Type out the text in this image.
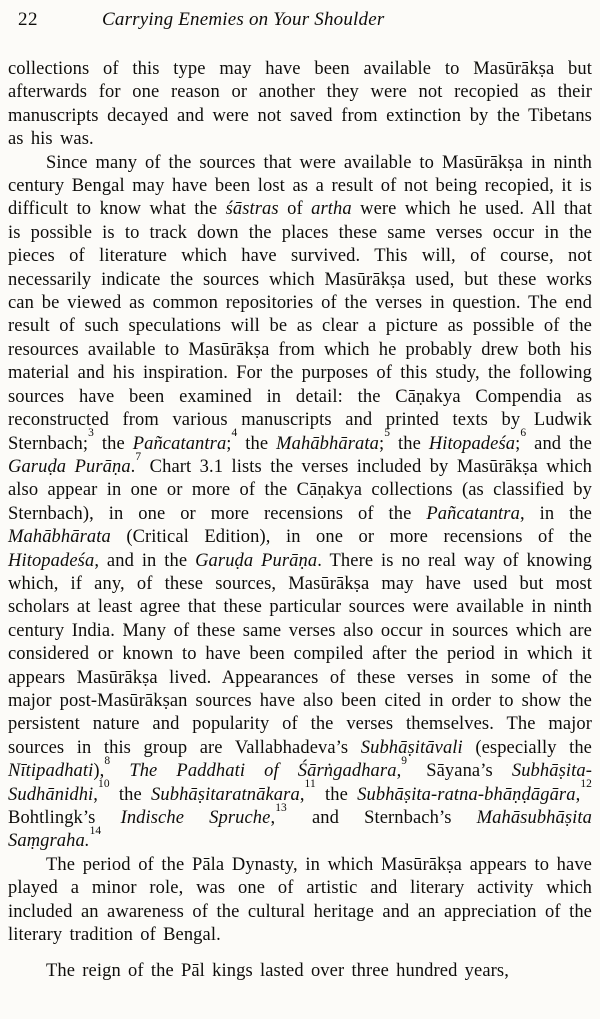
22	Carrying Enemies on Your Shoulder

collections of this type may have been available to Masūrākṣa but afterwards for one reason or another they were not recopied as their manuscripts decayed and were not saved from extinction by the Tibetans as his was.

Since many of the sources that were available to Masūrākṣa in ninth century Bengal may have been lost as a result of not being recopied, it is difficult to know what the śāstras of artha were which he used. All that is possible is to track down the places these same verses occur in the pieces of literature which have survived. This will, of course, not necessarily indicate the sources which Masūrākṣa used, but these works can be viewed as common repositories of the verses in question. The end result of such speculations will be as clear a picture as possible of the resources available to Masūrākṣa from which he probably drew both his material and his inspiration. For the purposes of this study, the following sources have been examined in detail: the Cāṇakya Compendia as reconstructed from various manuscripts and printed texts by Ludwik Sternbach;$^3$ the Pañcatantra;$^4$ the Mahābhārata;$^5$ the Hitopadeśa;$^6$ and the Garuḍa Purāṇa.$^7$ Chart 3.1 lists the verses included by Masūrākṣa which also appear in one or more of the Cāṇakya collections (as classified by Sternbach), in one or more recensions of the Pañcatantra, in the Mahābhārata (Critical Edition), in one or more recensions of the Hitopadeśa, and in the Garuḍa Purāṇa. There is no real way of knowing which, if any, of these sources, Masūrākṣa may have used but most scholars at least agree that these particular sources were available in ninth century India. Many of these same verses also occur in sources which are considered or known to have been compiled after the period in which it appears Masūrākṣa lived. Appearances of these verses in some of the major post-Masūrākṣan sources have also been cited in order to show the persistent nature and popularity of the verses themselves. The major sources in this group are Vallabhadeva’s Subhāṣitāvali (especially the Nītipadhati),$^8$ The Paddhati of Śārṅgadhara,$^9$ Sāyana’s Subhāṣita-Sudhānidhi,$^{10}$ the Subhāṣitaratnākara,$^{11}$ the Subhāṣita-ratna-bhāṇḍāgāra,$^{12}$ Bohtlingk’s Indische Spruche,$^{13}$ and Sternbach’s Mahāsubhāṣita Saṃgraha.$^{14}$

The period of the Pāla Dynasty, in which Masūrākṣa appears to have played a minor role, was one of artistic and literary activity which included an awareness of the cultural heritage and an appreciation of the literary tradition of Bengal.

The reign of the Pāl kings lasted over three hundred years,
